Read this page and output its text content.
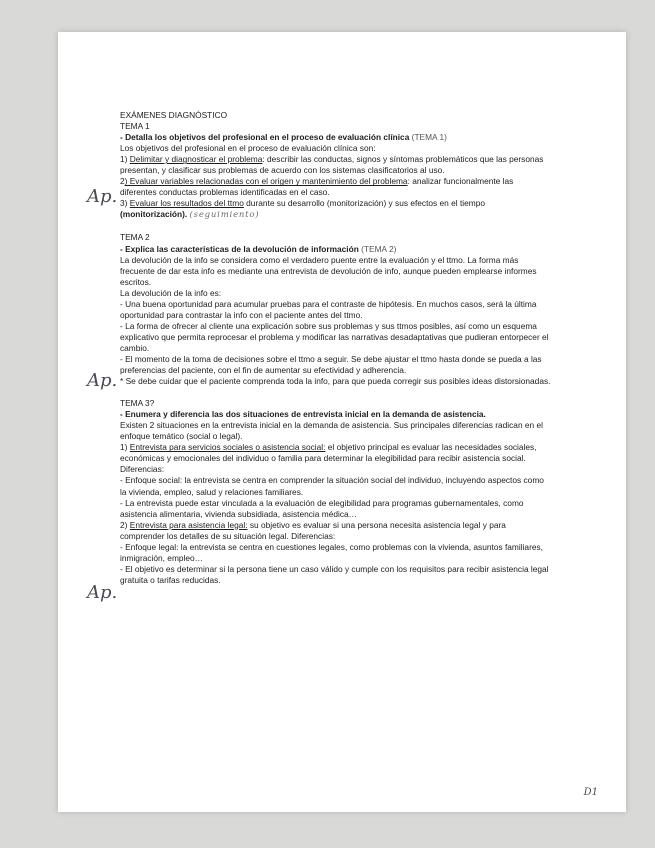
EXÁMENES DIAGNÓSTICO

TEMA 1

- Detalla los objetivos del profesional en el proceso de evaluación clínica (TEMA 1)

Los objetivos del profesional en el proceso de evaluación clínica son:

1) Delimitar y diagnosticar el problema: describir las conductas, signos y síntomas problemáticos que las personas presentan, y clasificar sus problemas de acuerdo con los sistemas clasificatorios al uso.

2) Evaluar variables relacionadas con el origen y mantenimiento del problema: analizar funcionalmente las diferentes conductas problemas identificadas en el caso.

3) Evaluar los resultados del ttmo durante su desarrollo (monitorización) y sus efectos en el tiempo (monitorización). (seguimiento)

TEMA 2

- Explica las características de la devolución de información (TEMA 2)

La devolución de la info se considera como el verdadero puente entre la evaluación y el ttmo. La forma más frecuente de dar esta info es mediante una entrevista de devolución de info, aunque pueden emplearse informes escritos.

La devolución de la info es:

- Una buena oportunidad para acumular pruebas para el contraste de hipótesis. En muchos casos, será la última oportunidad para contrastar la info con el paciente antes del ttmo.

- La forma de ofrecer al cliente una explicación sobre sus problemas y sus ttmos posibles, así como un esquema explicativo que permita reprocesar el problema y modificar las narrativas desadaptativas que pudieran entorpecer el cambio.

- El momento de la toma de decisiones sobre el ttmo a seguir. Se debe ajustar el ttmo hasta donde se pueda a las preferencias del paciente, con el fin de aumentar su efectividad y adherencia.

* Se debe cuidar que el paciente comprenda toda la info, para que pueda corregir sus posibles ideas distorsionadas.

TEMA 3?

- Enumera y diferencia las dos situaciones de entrevista inicial en la demanda de asistencia.

Existen 2 situaciones en la entrevista inicial en la demanda de asistencia. Sus principales diferencias radican en el enfoque temático (social o legal).

1) Entrevista para servicios sociales o asistencia social: el objetivo principal es evaluar las necesidades sociales, económicas y emocionales del individuo o familia para determinar la elegibilidad para recibir asistencia social. Diferencias:

- Enfoque social: la entrevista se centra en comprender la situación social del individuo, incluyendo aspectos como la vivienda, empleo, salud y relaciones familiares.

- La entrevista puede estar vinculada a la evaluación de elegibilidad para programas gubernamentales, como asistencia alimentaria, vivienda subsidiada, asistencia médica…

2) Entrevista para asistencia legal: su objetivo es evaluar si una persona necesita asistencia legal y para comprender los detalles de su situación legal. Diferencias:

- Enfoque legal: la entrevista se centra en cuestiones legales, como problemas con la vivienda, asuntos familiares, inmigración, empleo…

- El objetivo es determinar si la persona tiene un caso válido y cumple con los requisitos para recibir asistencia legal gratuita o tarifas reducidas.

Ap.
Ap.
Ap.
D1
